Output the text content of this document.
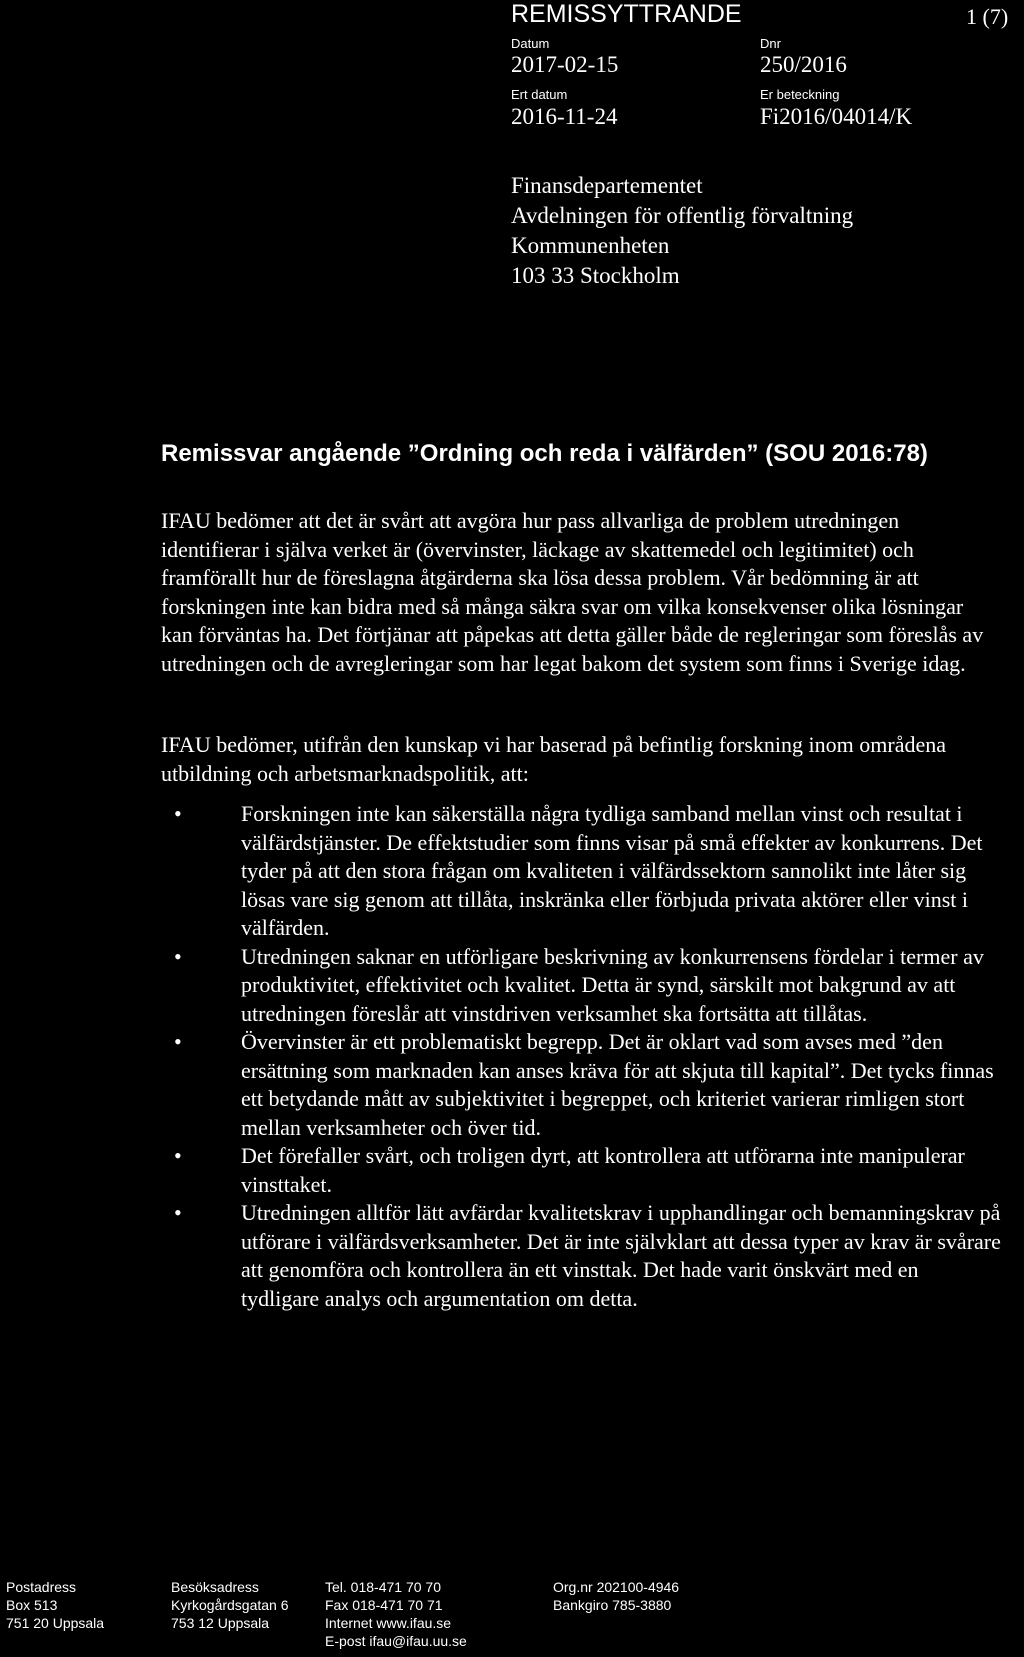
REMISSYTTRANDE	1 (7)
Datum
2017-02-15
Dnr
250/2016
Ert datum
2016-11-24
Er beteckning
Fi2016/04014/K
Finansdepartementet
Avdelningen för offentlig förvaltning
Kommunenheten
103 33 Stockholm
Remissvar angående ”Ordning och reda i välfärden” (SOU 2016:78)
IFAU bedömer att det är svårt att avgöra hur pass allvarliga de problem utredningen identifierar i själva verket är (övervinster, läckage av skattemedel och legitimitet) och framförallt hur de föreslagna åtgärderna ska lösa dessa problem. Vår bedömning är att forskningen inte kan bidra med så många säkra svar om vilka konsekvenser olika lösningar kan förväntas ha. Det förtjänar att påpekas att detta gäller både de regleringar som föreslås av utredningen och de avregleringar som har legat bakom det system som finns i Sverige idag.
IFAU bedömer, utifrån den kunskap vi har baserad på befintlig forskning inom områdena utbildning och arbetsmarknadspolitik, att:
•	Forskningen inte kan säkerställa några tydliga samband mellan vinst och resultat i välfärdstjänster. De effektstudier som finns visar på små effekter av konkurrens. Det tyder på att den stora frågan om kvaliteten i välfärdssektorn sannolikt inte låter sig lösas vare sig genom att tillåta, inskränka eller förbjuda privata aktörer eller vinst i välfärden.
•	Utredningen saknar en utförligare beskrivning av konkurrensens fördelar i termer av produktivitet, effektivitet och kvalitet. Detta är synd, särskilt mot bakgrund av att utredningen föreslår att vinstdriven verksamhet ska fortsätta att tillåtas.
•	Övervinster är ett problematiskt begrepp. Det är oklart vad som avses med ”den ersättning som marknaden kan anses kräva för att skjuta till kapital”. Det tycks finnas ett betydande mått av subjektivitet i begreppet, och kriteriet varierar rimligen stort mellan verksamheter och över tid.
•	Det förefaller svårt, och troligen dyrt, att kontrollera att utförarna inte manipulerar vinsttaket.
•	Utredningen alltför lätt avfärdar kvalitetskrav i upphandlingar och bemanningskrav på utförare i välfärdsverksamheter. Det är inte självklart att dessa typer av krav är svårare att genomföra och kontrollera än ett vinsttak. Det hade varit önskvärt med en tydligare analys och argumentation om detta.
Postadress
Box 513
751 20 Uppsala
Besöksadress
Kyrkogårdsgatan 6
753 12 Uppsala
Tel. 018-471 70 70
Fax 018-471 70 71
Internet www.ifau.se
E-post ifau@ifau.uu.se
Org.nr 202100-4946
Bankgiro 785-3880
